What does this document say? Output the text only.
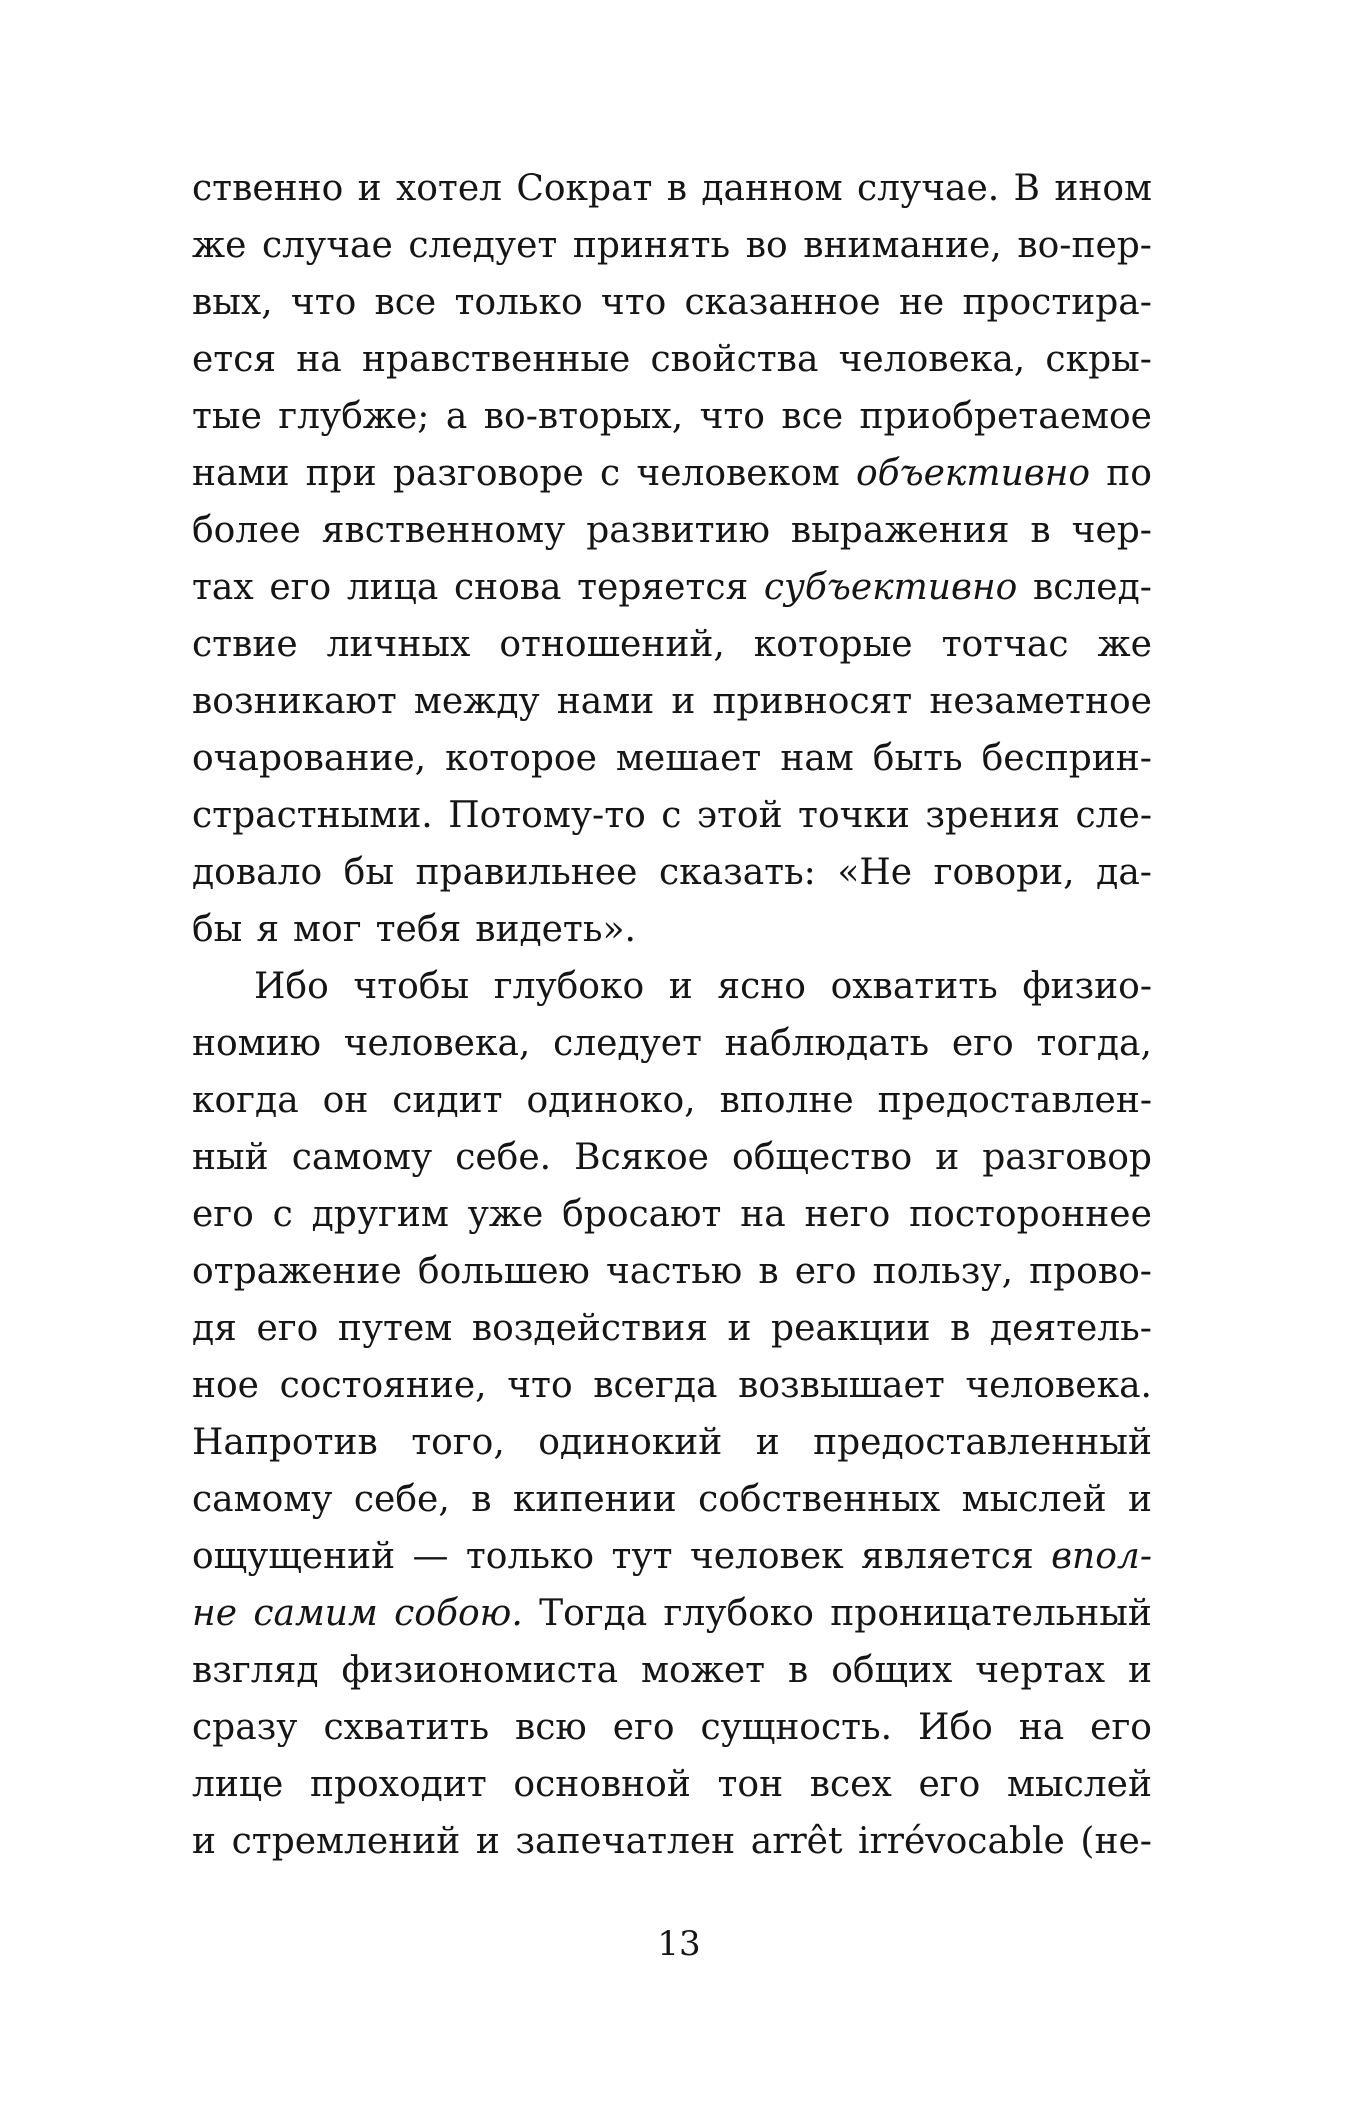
ственно и хотел Сократ в данном случае. В ином
же случае следует принять во внимание, во-пер-
вых, что все только что сказанное не простира-
ется на нравственные свойства человека, скры-
тые глубже; а во-вторых, что все приобретаемое
нами при разговоре с человеком объективно по
более явственному развитию выражения в чер-
тах его лица снова теряется субъективно вслед-
ствие личных отношений, которые тотчас же
возникают между нами и привносят незаметное
очарование, которое мешает нам быть бесприн-
страстными. Потому-то с этой точки зрения сле-
довало бы правильнее сказать: «Не говори, да-
бы я мог тебя видеть».
Ибо чтобы глубоко и ясно охватить физио-
номию человека, следует наблюдать его тогда,
когда он сидит одиноко, вполне предоставлен-
ный самому себе. Всякое общество и разговор
его с другим уже бросают на него постороннее
отражение большею частью в его пользу, прово-
дя его путем воздействия и реакции в деятель-
ное состояние, что всегда возвышает человека.
Напротив того, одинокий и предоставленный
самому себе, в кипении собственных мыслей и
ощущений — только тут человек является впол-
не самим собою. Тогда глубоко проницательный
взгляд физиономиста может в общих чертах и
сразу схватить всю его сущность. Ибо на его
лице проходит основной тон всех его мыслей
и стремлений и запечатлен arrêt irrévocable (не-
13
